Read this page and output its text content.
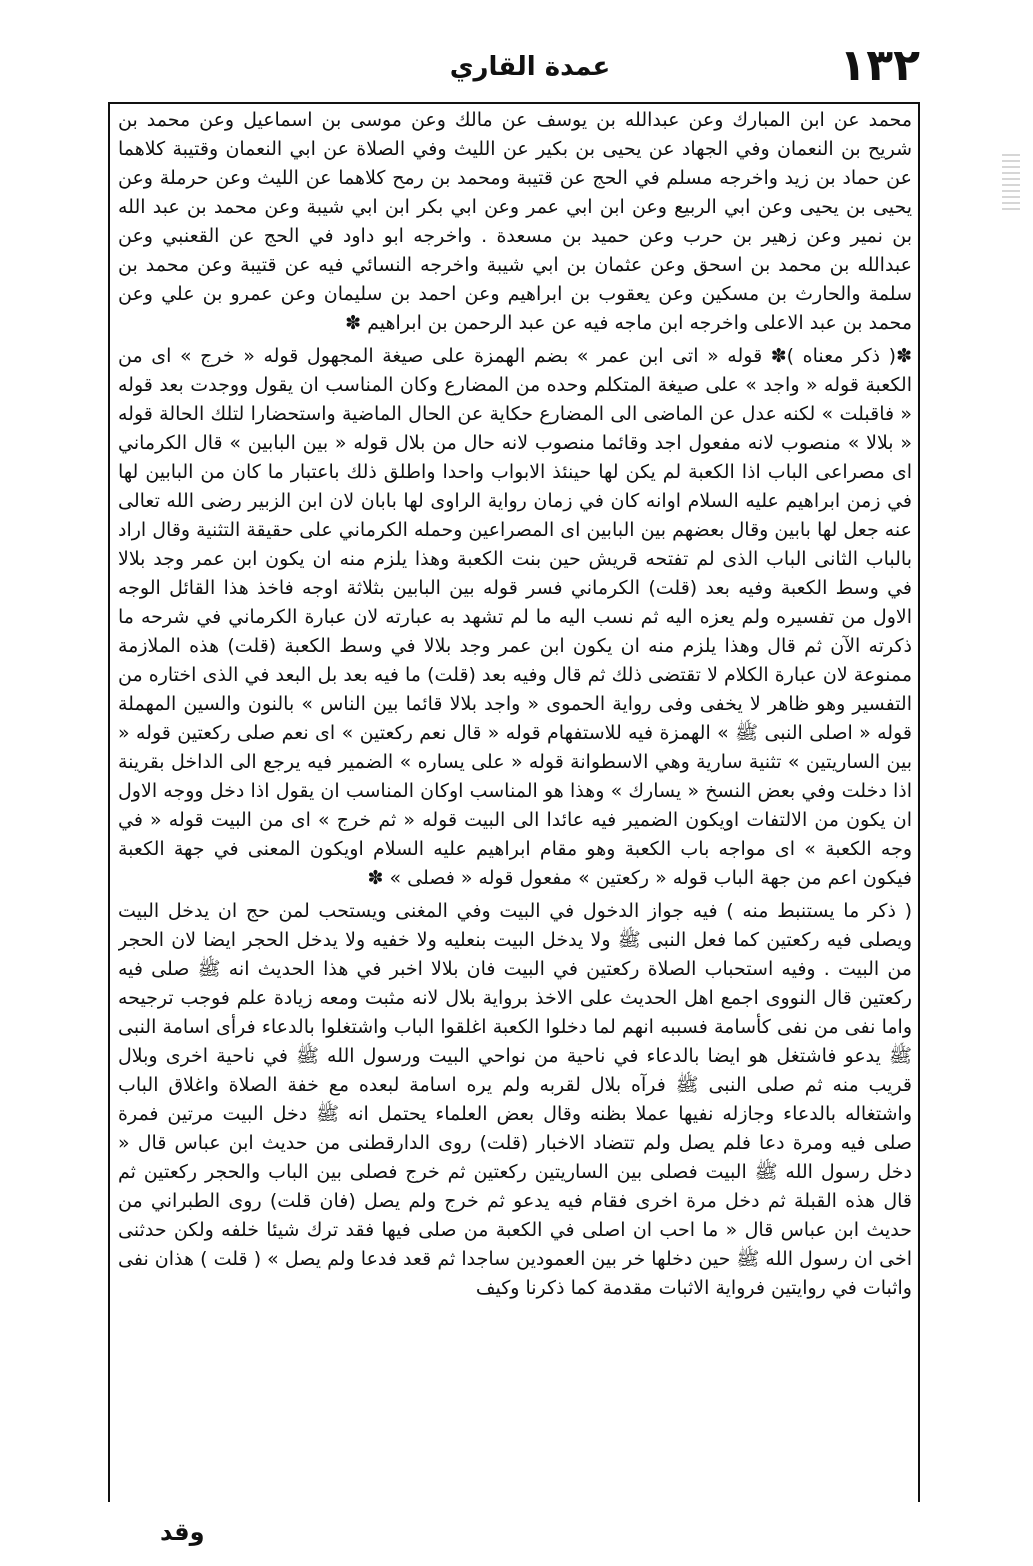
١٣٢
عمدة القاري

محمد عن ابن المبارك وعن عبدالله بن يوسف عن مالك وعن موسى بن اسماعيل وعن محمد بن شريح بن النعمان وفي الجهاد عن يحيى بن بكير عن الليث وفي الصلاة عن ابي النعمان وقتيبة كلاهما عن حماد بن زيد واخرجه مسلم في الحج عن قتيبة ومحمد بن رمح كلاهما عن الليث وعن حرملة وعن يحيى بن يحيى وعن ابي الربيع وعن ابن ابي عمر وعن ابي بكر ابن ابي شيبة وعن محمد بن عبد الله بن نمير وعن زهير بن حرب وعن حميد بن مسعدة . واخرجه ابو داود في الحج عن القعنبي وعن عبدالله بن محمد بن اسحق وعن عثمان بن ابي شيبة واخرجه النسائي فيه عن قتيبة وعن محمد بن سلمة والحارث بن مسكين وعن يعقوب بن ابراهيم وعن احمد بن سليمان وعن عمرو بن علي وعن محمد بن عبد الاعلى واخرجه ابن ماجه فيه عن عبد الرحمن بن ابراهيم ✽

✽( ذكر معناه )✽ قوله « اتى ابن عمر » بضم الهمزة على صيغة المجهول قوله « خرج » اى من الكعبة قوله « واجد » على صيغة المتكلم وحده من المضارع وكان المناسب ان يقول ووجدت بعد قوله « فاقبلت » لكنه عدل عن الماضى الى المضارع حكاية عن الحال الماضية واستحضارا لتلك الحالة قوله « بلالا » منصوب لانه مفعول اجد وقائما منصوب لانه حال من بلال قوله « بين البابين » قال الكرماني اى مصراعى الباب اذا الكعبة لم يكن لها حينئذ الابواب واحدا واطلق ذلك باعتبار ما كان من البابين لها في زمن ابراهيم عليه السلام اوانه كان في زمان رواية الراوى لها بابان لان ابن الزبير رضى الله تعالى عنه جعل لها بابين وقال بعضهم بين البابين اى المصراعين وحمله الكرماني على حقيقة التثنية وقال اراد بالباب الثانى الباب الذى لم تفتحه قريش حين بنت الكعبة وهذا يلزم منه ان يكون ابن عمر وجد بلالا في وسط الكعبة وفيه بعد (قلت) الكرماني فسر قوله بين البابين بثلاثة اوجه فاخذ هذا القائل الوجه الاول من تفسيره ولم يعزه اليه ثم نسب اليه ما لم تشهد به عبارته لان عبارة الكرماني في شرحه ما ذكرته الآن ثم قال وهذا يلزم منه ان يكون ابن عمر وجد بلالا في وسط الكعبة (قلت) هذه الملازمة ممنوعة لان عبارة الكلام لا تقتضى ذلك ثم قال وفيه بعد (قلت) ما فيه بعد بل البعد في الذى اختاره من التفسير وهو ظاهر لا يخفى وفى رواية الحموى « واجد بلالا قائما بين الناس » بالنون والسين المهملة قوله « اصلى النبى ﷺ » الهمزة فيه للاستفهام قوله « قال نعم ركعتين » اى نعم صلى ركعتين قوله « بين الساريتين » تثنية سارية وهي الاسطوانة قوله « على يساره » الضمير فيه يرجع الى الداخل بقرينة اذا دخلت وفي بعض النسخ « يسارك » وهذا هو المناسب اوكان المناسب ان يقول اذا دخل ووجه الاول ان يكون من الالتفات اويكون الضمير فيه عائدا الى البيت قوله « ثم خرج » اى من البيت قوله « في وجه الكعبة » اى مواجه باب الكعبة وهو مقام ابراهيم عليه السلام اويكون المعنى في جهة الكعبة فيكون اعم من جهة الباب قوله « ركعتين » مفعول قوله « فصلى » ✽

( ذكر ما يستنبط منه ) فيه جواز الدخول في البيت وفي المغنى ويستحب لمن حج ان يدخل البيت ويصلى فيه ركعتين كما فعل النبى ﷺ ولا يدخل البيت بنعليه ولا خفيه ولا يدخل الحجر ايضا لان الحجر من البيت . وفيه استحباب الصلاة ركعتين في البيت فان بلالا اخبر في هذا الحديث انه ﷺ صلى فيه ركعتين قال النووى اجمع اهل الحديث على الاخذ برواية بلال لانه مثبت ومعه زيادة علم فوجب ترجيحه واما نفى من نفى كأسامة فسببه انهم لما دخلوا الكعبة اغلقوا الباب واشتغلوا بالدعاء فرأى اسامة النبى ﷺ يدعو فاشتغل هو ايضا بالدعاء في ناحية من نواحي البيت ورسول الله ﷺ في ناحية اخرى وبلال قريب منه ثم صلى النبى ﷺ فرآه بلال لقربه ولم يره اسامة لبعده مع خفة الصلاة واغلاق الباب واشتغاله بالدعاء وجازله نفيها عملا بظنه وقال بعض العلماء يحتمل انه ﷺ دخل البيت مرتين فمرة صلى فيه ومرة دعا فلم يصل ولم تتضاد الاخبار (قلت) روى الدارقطنى من حديث ابن عباس قال « دخل رسول الله ﷺ البيت فصلى بين الساريتين ركعتين ثم خرج فصلى بين الباب والحجر ركعتين ثم قال هذه القبلة ثم دخل مرة اخرى فقام فيه يدعو ثم خرج ولم يصل (فان قلت) روى الطبراني من حديث ابن عباس قال « ما احب ان اصلى في الكعبة من صلى فيها فقد ترك شيئا خلفه ولكن حدثنى اخى ان رسول الله ﷺ حين دخلها خر بين العمودين ساجدا ثم قعد فدعا ولم يصل » ( قلت ) هذان نفى واثبات في روايتين فرواية الاثبات مقدمة كما ذكرنا وكيف

وقد
